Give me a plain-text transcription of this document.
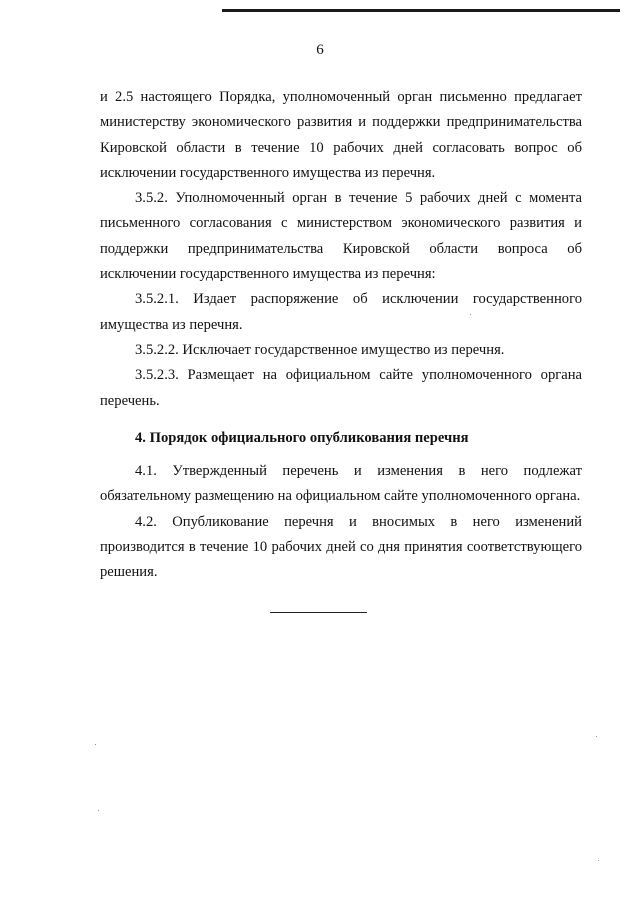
6

и 2.5 настоящего Порядка, уполномоченный орган письменно предлагает министерству экономического развития и поддержки предпринимательства Кировской области в течение 10 рабочих дней согласовать вопрос об исключении государственного имущества из перечня.

3.5.2. Уполномоченный орган в течение 5 рабочих дней с момента письменного согласования с министерством экономического развития и поддержки предпринимательства Кировской области вопроса об исключении государственного имущества из перечня:

3.5.2.1. Издает распоряжение об исключении государственного имущества из перечня.

3.5.2.2. Исключает государственное имущество из перечня.

3.5.2.3. Размещает на официальном сайте уполномоченного органа перечень.

4. Порядок официального опубликования перечня

4.1. Утвержденный перечень и изменения в него подлежат обязательному размещению на официальном сайте уполномоченного органа.

4.2. Опубликование перечня и вносимых в него изменений производится в течение 10 рабочих дней со дня принятия соответствующего решения.
